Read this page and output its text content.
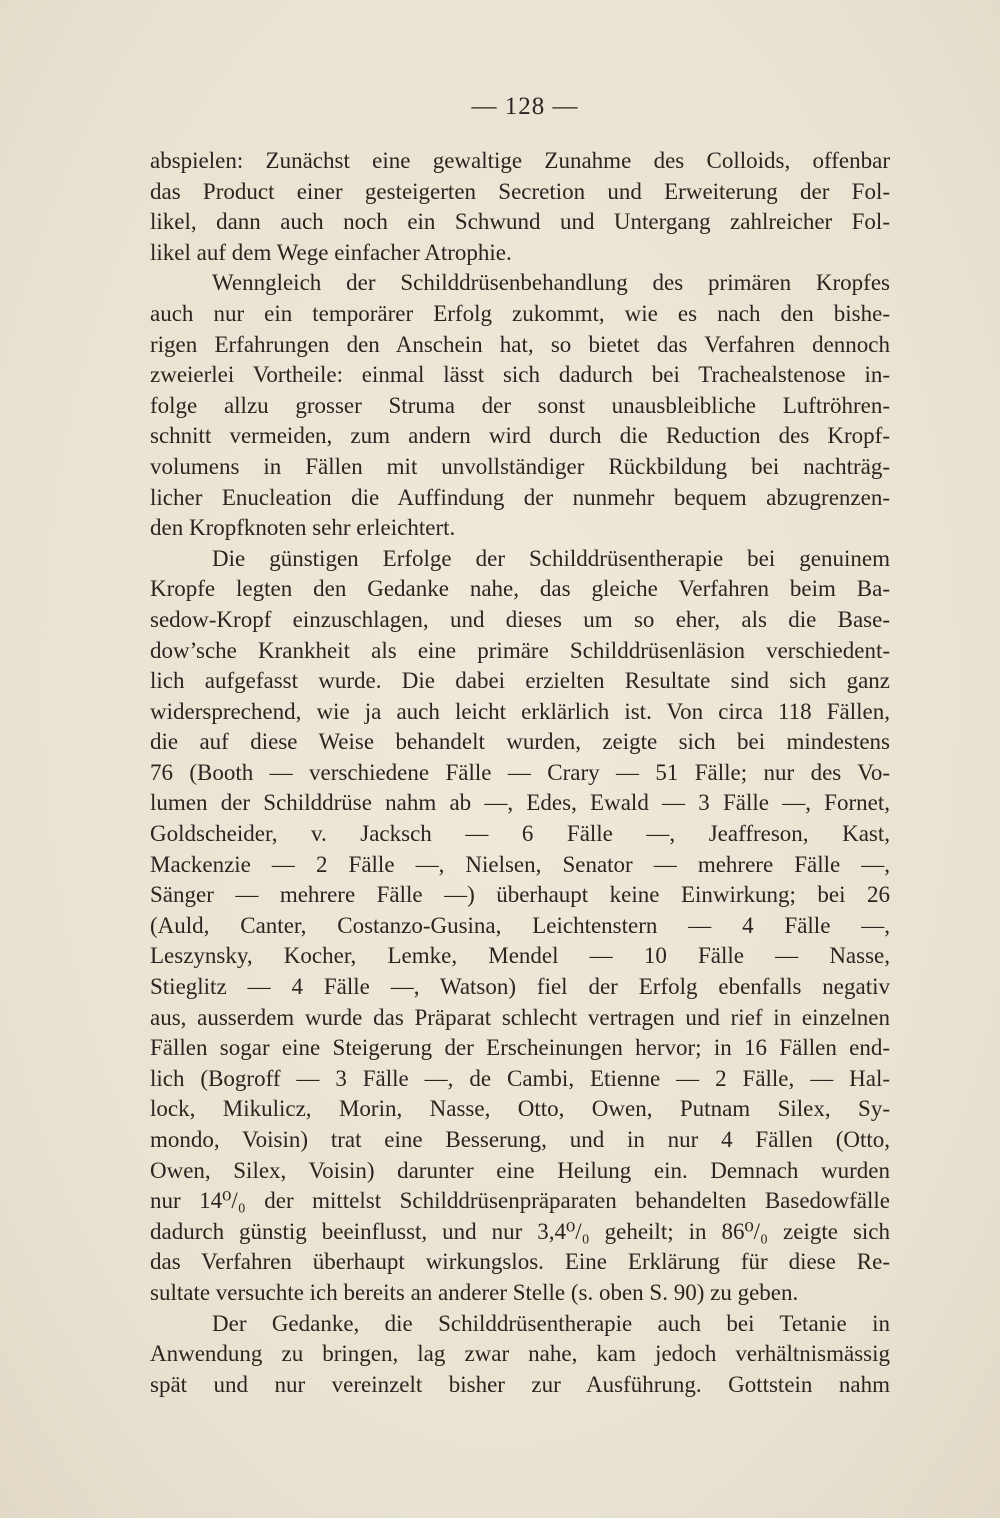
— 128 —
abspielen: Zunächst eine gewaltige Zunahme des Colloids, offenbar
das Product einer gesteigerten Secretion und Erweiterung der Fol-
likel, dann auch noch ein Schwund und Untergang zahlreicher Fol-
likel auf dem Wege einfacher Atrophie.
Wenngleich der Schilddrüsenbehandlung des primären Kropfes
auch nur ein temporärer Erfolg zukommt, wie es nach den bishe-
rigen Erfahrungen den Anschein hat, so bietet das Verfahren dennoch
zweierlei Vortheile: einmal lässt sich dadurch bei Trachealstenose in-
folge allzu grosser Struma der sonst unausbleibliche Luftröhren-
schnitt vermeiden, zum andern wird durch die Reduction des Kropf-
volumens in Fällen mit unvollständiger Rückbildung bei nachträg-
licher Enucleation die Auffindung der nunmehr bequem abzugrenzen-
den Kropfknoten sehr erleichtert.
Die günstigen Erfolge der Schilddrüsentherapie bei genuinem
Kropfe legten den Gedanke nahe, das gleiche Verfahren beim Ba-
sedow-Kropf einzuschlagen, und dieses um so eher, als die Base-
dow’sche Krankheit als eine primäre Schilddrüsenläsion verschiedent-
lich aufgefasst wurde. Die dabei erzielten Resultate sind sich ganz
widersprechend, wie ja auch leicht erklärlich ist. Von circa 118 Fällen,
die auf diese Weise behandelt wurden, zeigte sich bei mindestens
76 (Booth — verschiedene Fälle — Crary — 51 Fälle; nur des Vo-
lumen der Schilddrüse nahm ab —, Edes, Ewald — 3 Fälle —, Fornet,
Goldscheider, v. Jacksch — 6 Fälle —, Jeaffreson, Kast,
Mackenzie — 2 Fälle —, Nielsen, Senator — mehrere Fälle —,
Sänger — mehrere Fälle —) überhaupt keine Einwirkung; bei 26
(Auld, Canter, Costanzo-Gusina, Leichtenstern — 4 Fälle —,
Leszynsky, Kocher, Lemke, Mendel — 10 Fälle — Nasse,
Stieglitz — 4 Fälle —, Watson) fiel der Erfolg ebenfalls negativ
aus, ausserdem wurde das Präparat schlecht vertragen und rief in einzelnen
Fällen sogar eine Steigerung der Erscheinungen hervor; in 16 Fällen end-
lich (Bogroff — 3 Fälle —, de Cambi, Etienne — 2 Fälle, — Hal-
lock, Mikulicz, Morin, Nasse, Otto, Owen, Putnam Silex, Sy-
mondo, Voisin) trat eine Besserung, und in nur 4 Fällen (Otto,
Owen, Silex, Voisin) darunter eine Heilung ein. Demnach wurden
nur 14⁰/₀ der mittelst Schilddrüsenpräparaten behandelten Basedowfälle
dadurch günstig beeinflusst, und nur 3,4⁰/₀ geheilt; in 86⁰/₀ zeigte sich
das Verfahren überhaupt wirkungslos. Eine Erklärung für diese Re-
sultate versuchte ich bereits an anderer Stelle (s. oben S. 90) zu geben.
Der Gedanke, die Schilddrüsentherapie auch bei Tetanie in
Anwendung zu bringen, lag zwar nahe, kam jedoch verhältnismässig
spät und nur vereinzelt bisher zur Ausführung. Gottstein nahm
